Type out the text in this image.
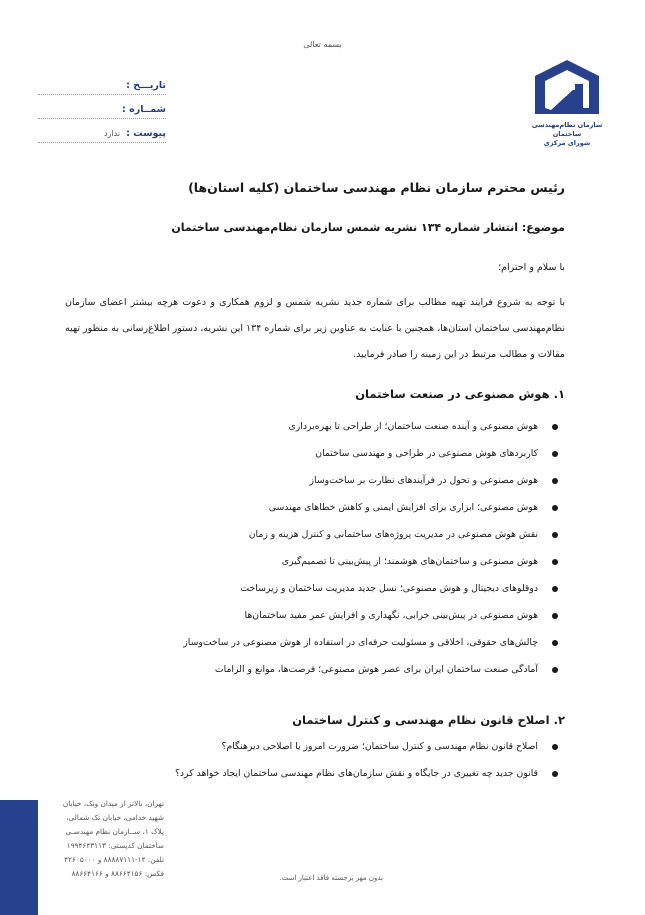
بسمه تعالی
سازمان نظام‌مهندسی ساختمان
شورای مرکزی
تاریـــخ :
شمــاره :
پیوست :
ندارد
رئیس محترم سازمان نظام مهندسی ساختمان (کلیه استان‌ها)
موضوع: انتشار شماره ۱۳۴ نشریه شمس سازمان نظام‌مهندسی ساختمان
با سلام و احترام؛
با توجه به شروع فرایند تهیه مطالب برای شماره جدید نشریه شمس و لزوم همکاری و دعوت هرچه بیشتر اعضای سازمان نظام‌مهندسی ساختمان استان‌ها، همچنین با عنایت به عناوین زیر برای شماره ۱۳۴ این نشریه، دستور اطلاع‌رسانی به منظور تهیه مقالات و مطالب مرتبط در این زمینه را صادر فرمایید.
۱. هوش مصنوعی در صنعت ساختمان
هوش مصنوعی و آینده صنعت ساختمان؛ از طراحی تا بهره‌برداری
کاربردهای هوش مصنوعی در طراحی و مهندسی ساختمان
هوش مصنوعی و تحول در فرآیندهای نظارت بر ساخت‌وساز
هوش مصنوعی؛ ابزاری برای افزایش ایمنی و کاهش خطاهای مهندسی
نقش هوش مصنوعی در مدیریت پروژه‌های ساختمانی و کنترل هزینه و زمان
هوش مصنوعی و ساختمان‌های هوشمند؛ از پیش‌بینی تا تصمیم‌گیری
دوقلوهای دیجیتال و هوش مصنوعی؛ نسل جدید مدیریت ساختمان و زیرساخت
هوش مصنوعی در پیش‌بینی خرابی، نگهداری و افزایش عمر مفید ساختمان‌ها
چالش‌های حقوقی، اخلاقی و مسئولیت حرفه‌ای در استفاده از هوش مصنوعی در ساخت‌وساز
آمادگی صنعت ساختمان ایران برای عصر هوش مصنوعی؛ فرصت‌ها، موانع و الزامات
۲. اصلاح قانون نظام مهندسی و کنترل ساختمان
اصلاح قانون نظام مهندسی و کنترل ساختمان؛ ضرورت امروز یا اصلاحی دیرهنگام؟
قانون جدید چه تغییری در جایگاه و نقش سازمان‌های نظام مهندسی ساختمان ایجاد خواهد کرد؟
تهران، بالاتر از میدان ونک، خیابان
شهید خدامی، خیابان تک شمالی،
پلاک ۱، ســازمان نظام مهندسـی
ساختمان کدپستی: ۱۹۹۴۶۴۳۱۱۳
تلفن: ۱۴-۸۸۸۸۷۱۱۱ و ۴۲۶۰۵۰۰۰
فکس: ۸۸۶۶۴۱۵۶ و ۸۸۶۶۴۱۶۶	بدون مهر برجسته فاقد اعتبار است.
